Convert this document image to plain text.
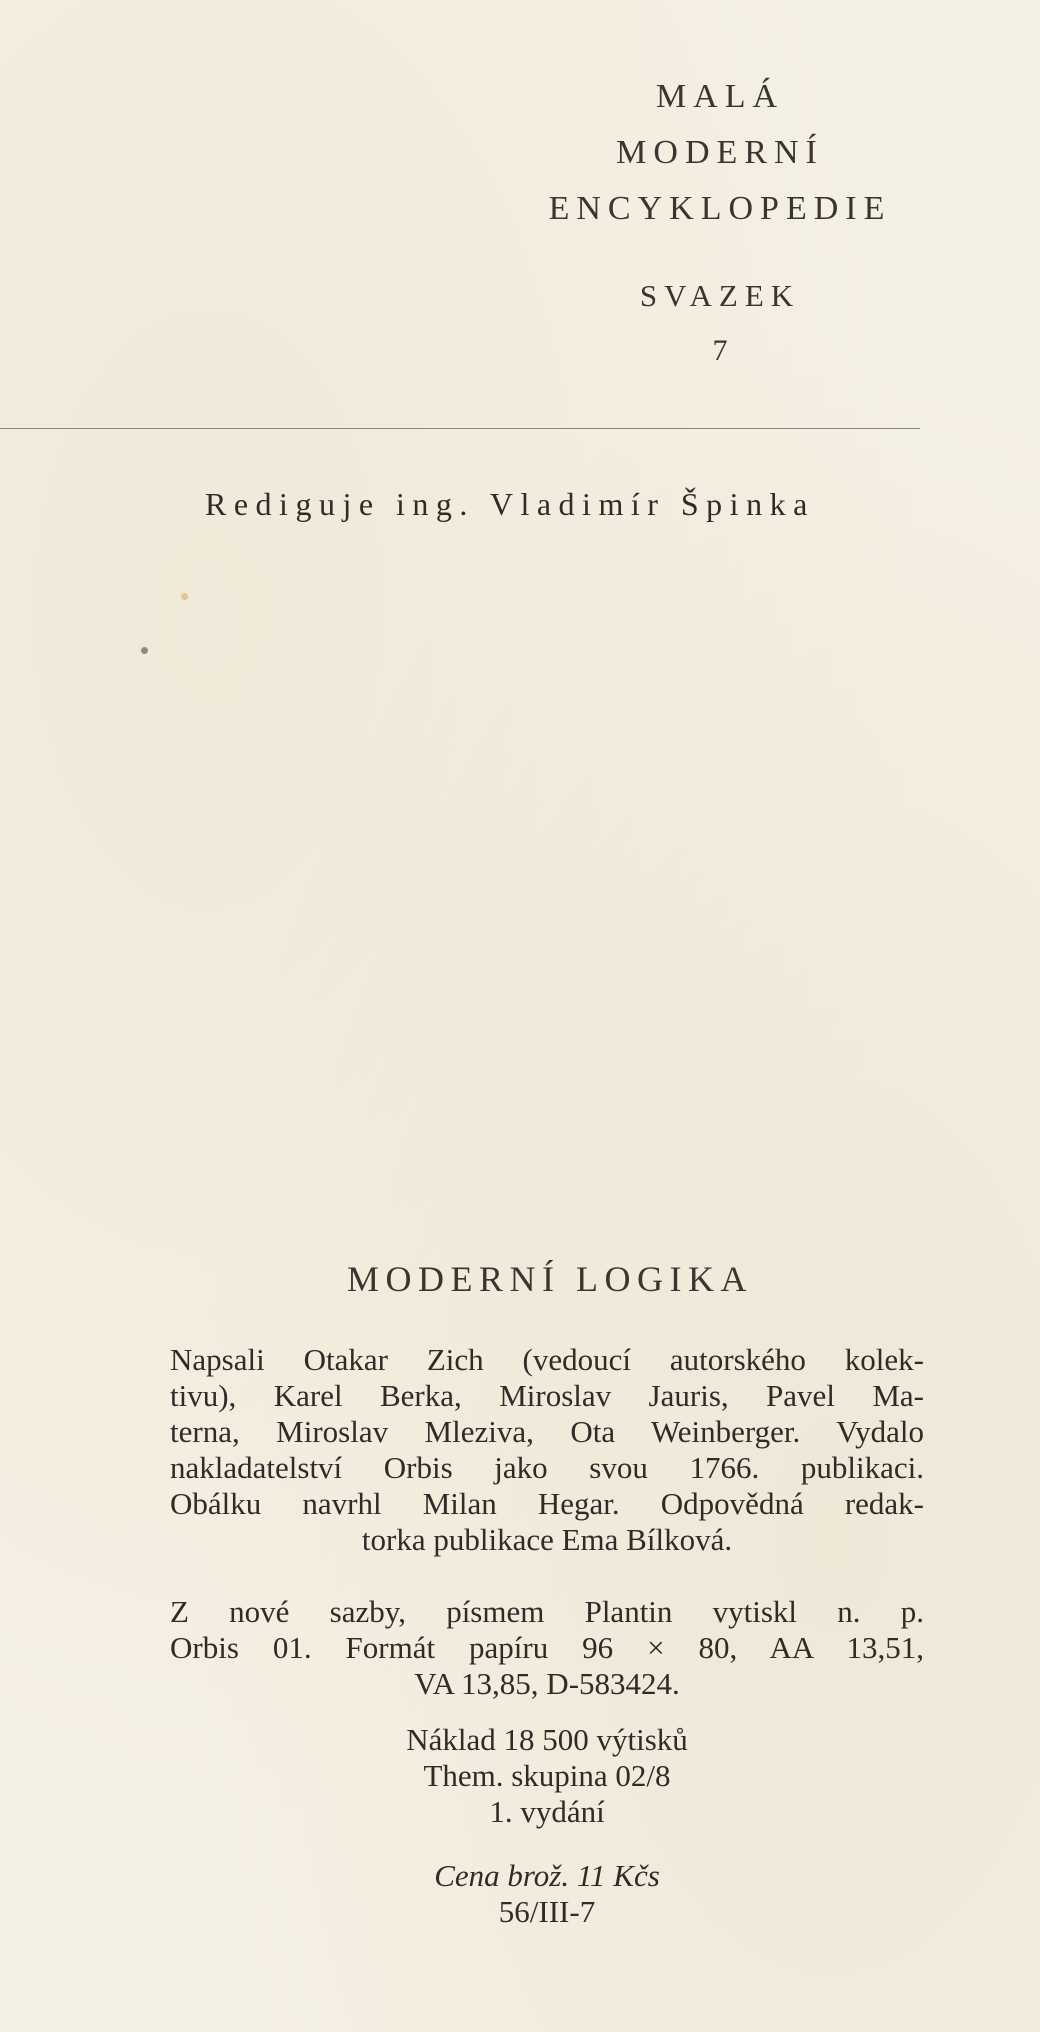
MALÁ
MODERNÍ
ENCYKLOPEDIE
SVAZEK
7
Rediguje ing. Vladimír Špinka
MODERNÍ LOGIKA
Napsali Otakar Zich (vedoucí autorského kolek-
tivu), Karel Berka, Miroslav Jauris, Pavel Ma-
terna, Miroslav Mleziva, Ota Weinberger. Vydalo
nakladatelství Orbis jako svou 1766. publikaci.
Obálku navrhl Milan Hegar. Odpovědná redak-
torka publikace Ema Bílková.
Z nové sazby, písmem Plantin vytiskl n. p.
Orbis 01. Formát papíru 96 × 80, AA 13,51,
VA 13,85, D-583424.
Náklad 18 500 výtisků
Them. skupina 02/8
1. vydání
Cena brož. 11 Kčs
56/III-7
